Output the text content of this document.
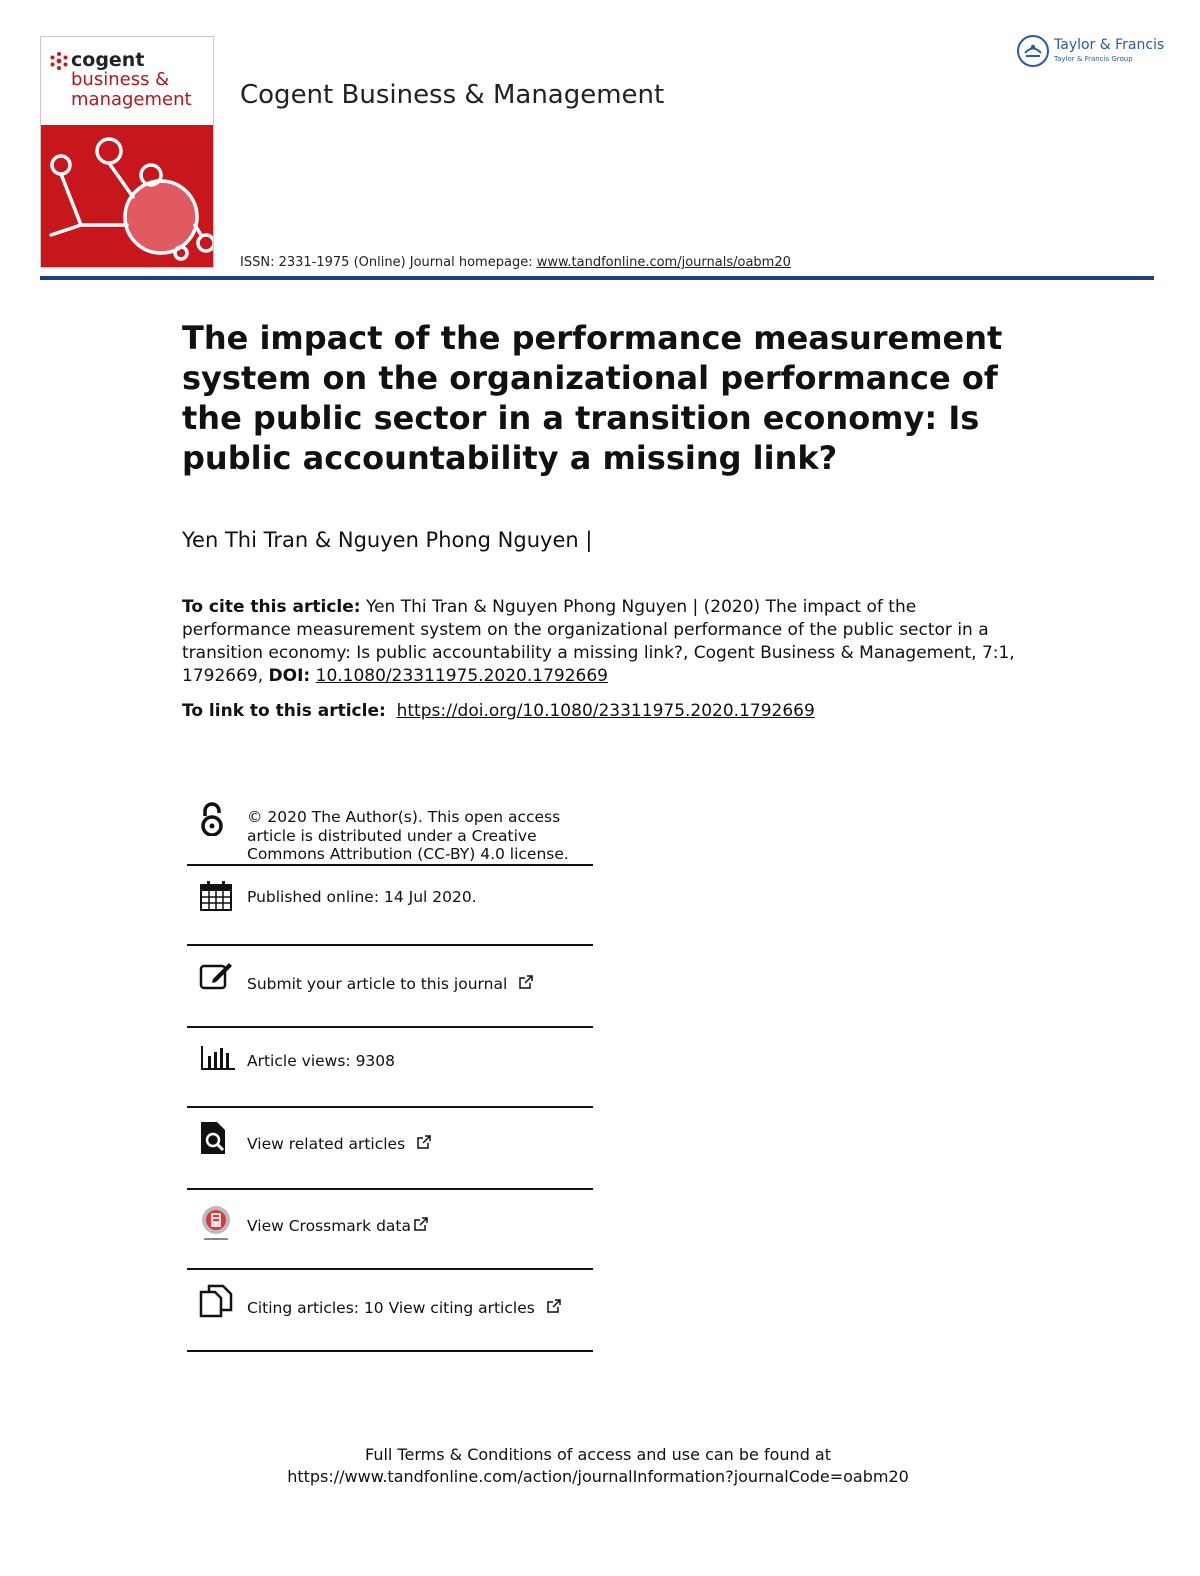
cogent
business &
management Cogent Business & Management
ISSN: 2331-1975 (Online) Journal homepage: www.tandfonline.com/journals/oabm20
Taylor & Francis
Taylor & Francis Group
The impact of the performance measurement system on the organizational performance of the public sector in a transition economy: Is public accountability a missing link?
Yen Thi Tran & Nguyen Phong Nguyen |
To cite this article: Yen Thi Tran & Nguyen Phong Nguyen | (2020) The impact of the performance measurement system on the organizational performance of the public sector in a transition economy: Is public accountability a missing link?, Cogent Business & Management, 7:1, 1792669, DOI: 10.1080/23311975.2020.1792669
To link to this article: https://doi.org/10.1080/23311975.2020.1792669
© 2020 The Author(s). This open access
article is distributed under a Creative
Commons Attribution (CC-BY) 4.0 license.
Published online: 14 Jul 2020.
Submit your article to this journal
Article views: 9308
View related articles
View Crossmark data
Citing articles: 10 View citing articles
Full Terms & Conditions of access and use can be found at
https://www.tandfonline.com/action/journalInformation?journalCode=oabm20
